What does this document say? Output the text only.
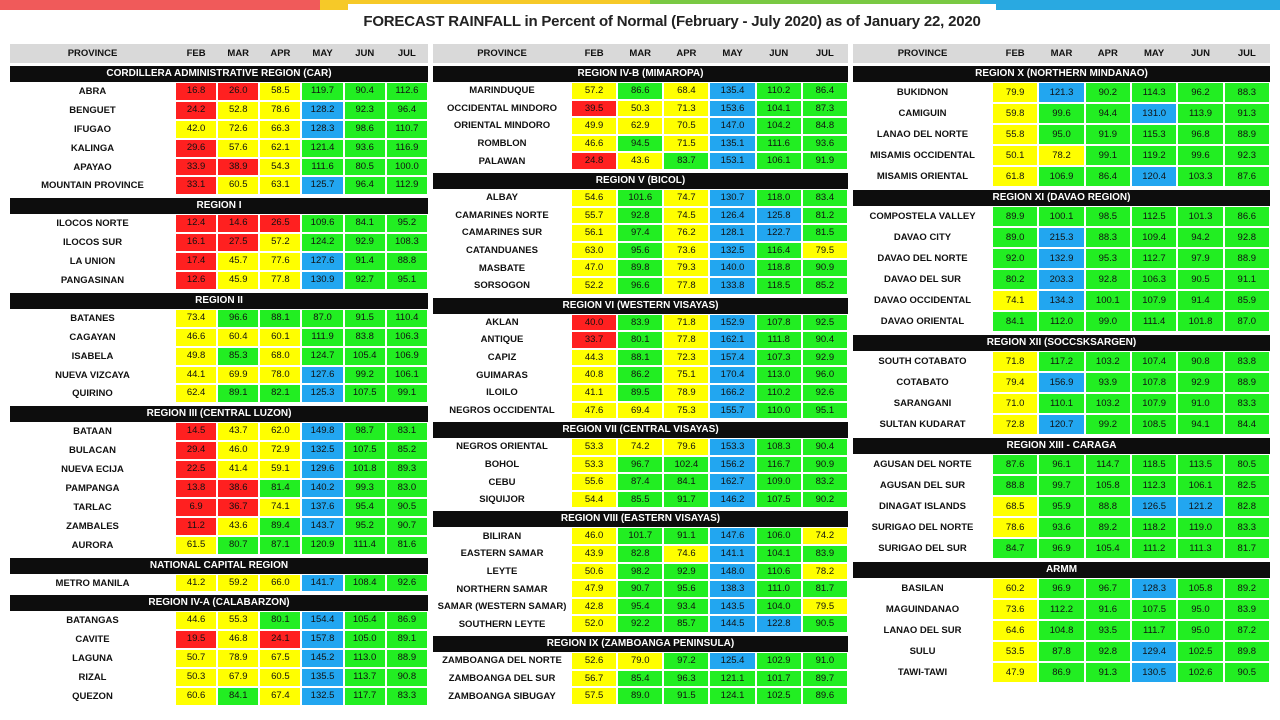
FORECAST RAINFALL in Percent of Normal (February - July 2020) as of January 22, 2020
PROVINCE	FEB	MAR	APR	MAY	JUN	JUL
CORDILLERA ADMINISTRATIVE REGION (CAR)
ABRA	16.8	26.0	58.5	119.7	90.4	112.6
BENGUET	24.2	52.8	78.6	128.2	92.3	96.4
IFUGAO	42.0	72.6	66.3	128.3	98.6	110.7
KALINGA	29.6	57.6	62.1	121.4	93.6	116.9
APAYAO	33.9	38.9	54.3	111.6	80.5	100.0
MOUNTAIN PROVINCE	33.1	60.5	63.1	125.7	96.4	112.9
REGION I
ILOCOS NORTE	12.4	14.6	26.5	109.6	84.1	95.2
ILOCOS SUR	16.1	27.5	57.2	124.2	92.9	108.3
LA UNION	17.4	45.7	77.6	127.6	91.4	88.8
PANGASINAN	12.6	45.9	77.8	130.9	92.7	95.1
REGION II
BATANES	73.4	96.6	88.1	87.0	91.5	110.4
CAGAYAN	46.6	60.4	60.1	111.9	83.8	106.3
ISABELA	49.8	85.3	68.0	124.7	105.4	106.9
NUEVA VIZCAYA	44.1	69.9	78.0	127.6	99.2	106.1
QUIRINO	62.4	89.1	82.1	125.3	107.5	99.1
REGION III (CENTRAL LUZON)
BATAAN	14.5	43.7	62.0	149.8	98.7	83.1
BULACAN	29.4	46.0	72.9	132.5	107.5	85.2
NUEVA ECIJA	22.5	41.4	59.1	129.6	101.8	89.3
PAMPANGA	13.8	38.6	81.4	140.2	99.3	83.0
TARLAC	6.9	36.7	74.1	137.6	95.4	90.5
ZAMBALES	11.2	43.6	89.4	143.7	95.2	90.7
AURORA	61.5	80.7	87.1	120.9	111.4	81.6
NATIONAL CAPITAL REGION
METRO MANILA	41.2	59.2	66.0	141.7	108.4	92.6
REGION IV-A (CALABARZON)
BATANGAS	44.6	55.3	80.1	154.4	105.4	86.9
CAVITE	19.5	46.8	24.1	157.8	105.0	89.1
LAGUNA	50.7	78.9	67.5	145.2	113.0	88.9
RIZAL	50.3	67.9	60.5	135.5	113.7	90.8
QUEZON	60.6	84.1	67.4	132.5	117.7	83.3
PROVINCE	FEB	MAR	APR	MAY	JUN	JUL
REGION IV-B (MIMAROPA)
MARINDUQUE	57.2	86.6	68.4	135.4	110.2	86.4
OCCIDENTAL MINDORO	39.5	50.3	71.3	153.6	104.1	87.3
ORIENTAL MINDORO	49.9	62.9	70.5	147.0	104.2	84.8
ROMBLON	46.6	94.5	71.5	135.1	111.6	93.6
PALAWAN	24.8	43.6	83.7	153.1	106.1	91.9
REGION V (BICOL)
ALBAY	54.6	101.6	74.7	130.7	118.0	83.4
CAMARINES NORTE	55.7	92.8	74.5	126.4	125.8	81.2
CAMARINES SUR	56.1	97.4	76.2	128.1	122.7	81.5
CATANDUANES	63.0	95.6	73.6	132.5	116.4	79.5
MASBATE	47.0	89.8	79.3	140.0	118.8	90.9
SORSOGON	52.2	96.6	77.8	133.8	118.5	85.2
REGION VI (WESTERN VISAYAS)
AKLAN	40.0	83.9	71.8	152.9	107.8	92.5
ANTIQUE	33.7	80.1	77.8	162.1	111.8	90.4
CAPIZ	44.3	88.1	72.3	157.4	107.3	92.9
GUIMARAS	40.8	86.2	75.1	170.4	113.0	96.0
ILOILO	41.1	89.5	78.9	166.2	110.2	92.6
NEGROS OCCIDENTAL	47.6	69.4	75.3	155.7	110.0	95.1
REGION VII (CENTRAL VISAYAS)
NEGROS ORIENTAL	53.3	74.2	79.6	153.3	108.3	90.4
BOHOL	53.3	96.7	102.4	156.2	116.7	90.9
CEBU	55.6	87.4	84.1	162.7	109.0	83.2
SIQUIJOR	54.4	85.5	91.7	146.2	107.5	90.2
REGION VIII (EASTERN VISAYAS)
BILIRAN	46.0	101.7	91.1	147.6	106.0	74.2
EASTERN SAMAR	43.9	82.8	74.6	141.1	104.1	83.9
LEYTE	50.6	98.2	92.9	148.0	110.6	78.2
NORTHERN SAMAR	47.9	90.7	95.6	138.3	111.0	81.7
SAMAR (WESTERN SAMAR)	42.8	95.4	93.4	143.5	104.0	79.5
SOUTHERN LEYTE	52.0	92.2	85.7	144.5	122.8	90.5
REGION IX (ZAMBOANGA PENINSULA)
ZAMBOANGA DEL NORTE	52.6	79.0	97.2	125.4	102.9	91.0
ZAMBOANGA DEL SUR	56.7	85.4	96.3	121.1	101.7	89.7
ZAMBOANGA SIBUGAY	57.5	89.0	91.5	124.1	102.5	89.6
PROVINCE	FEB	MAR	APR	MAY	JUN	JUL
REGION X (NORTHERN MINDANAO)
BUKIDNON	79.9	121.3	90.2	114.3	96.2	88.3
CAMIGUIN	59.8	99.6	94.4	131.0	113.9	91.3
LANAO DEL NORTE	55.8	95.0	91.9	115.3	96.8	88.9
MISAMIS OCCIDENTAL	50.1	78.2	99.1	119.2	99.6	92.3
MISAMIS ORIENTAL	61.8	106.9	86.4	120.4	103.3	87.6
REGION XI (DAVAO REGION)
COMPOSTELA VALLEY	89.9	100.1	98.5	112.5	101.3	86.6
DAVAO CITY	89.0	215.3	88.3	109.4	94.2	92.8
DAVAO DEL NORTE	92.0	132.9	95.3	112.7	97.9	88.9
DAVAO DEL SUR	80.2	203.3	92.8	106.3	90.5	91.1
DAVAO OCCIDENTAL	74.1	134.3	100.1	107.9	91.4	85.9
DAVAO ORIENTAL	84.1	112.0	99.0	111.4	101.8	87.0
REGION XII (SOCCSKSARGEN)
SOUTH COTABATO	71.8	117.2	103.2	107.4	90.8	83.8
COTABATO	79.4	156.9	93.9	107.8	92.9	88.9
SARANGANI	71.0	110.1	103.2	107.9	91.0	83.3
SULTAN KUDARAT	72.8	120.7	99.2	108.5	94.1	84.4
REGION XIII - CARAGA
AGUSAN DEL NORTE	87.6	96.1	114.7	118.5	113.5	80.5
AGUSAN DEL SUR	88.8	99.7	105.8	112.3	106.1	82.5
DINAGAT ISLANDS	68.5	95.9	88.8	126.5	121.2	82.8
SURIGAO DEL NORTE	78.6	93.6	89.2	118.2	119.0	83.3
SURIGAO DEL SUR	84.7	96.9	105.4	111.2	111.3	81.7
ARMM
BASILAN	60.2	96.9	96.7	128.3	105.8	89.2
MAGUINDANAO	73.6	112.2	91.6	107.5	95.0	83.9
LANAO DEL SUR	64.6	104.8	93.5	111.7	95.0	87.2
SULU	53.5	87.8	92.8	129.4	102.5	89.8
TAWI-TAWI	47.9	86.9	91.3	130.5	102.6	90.5
